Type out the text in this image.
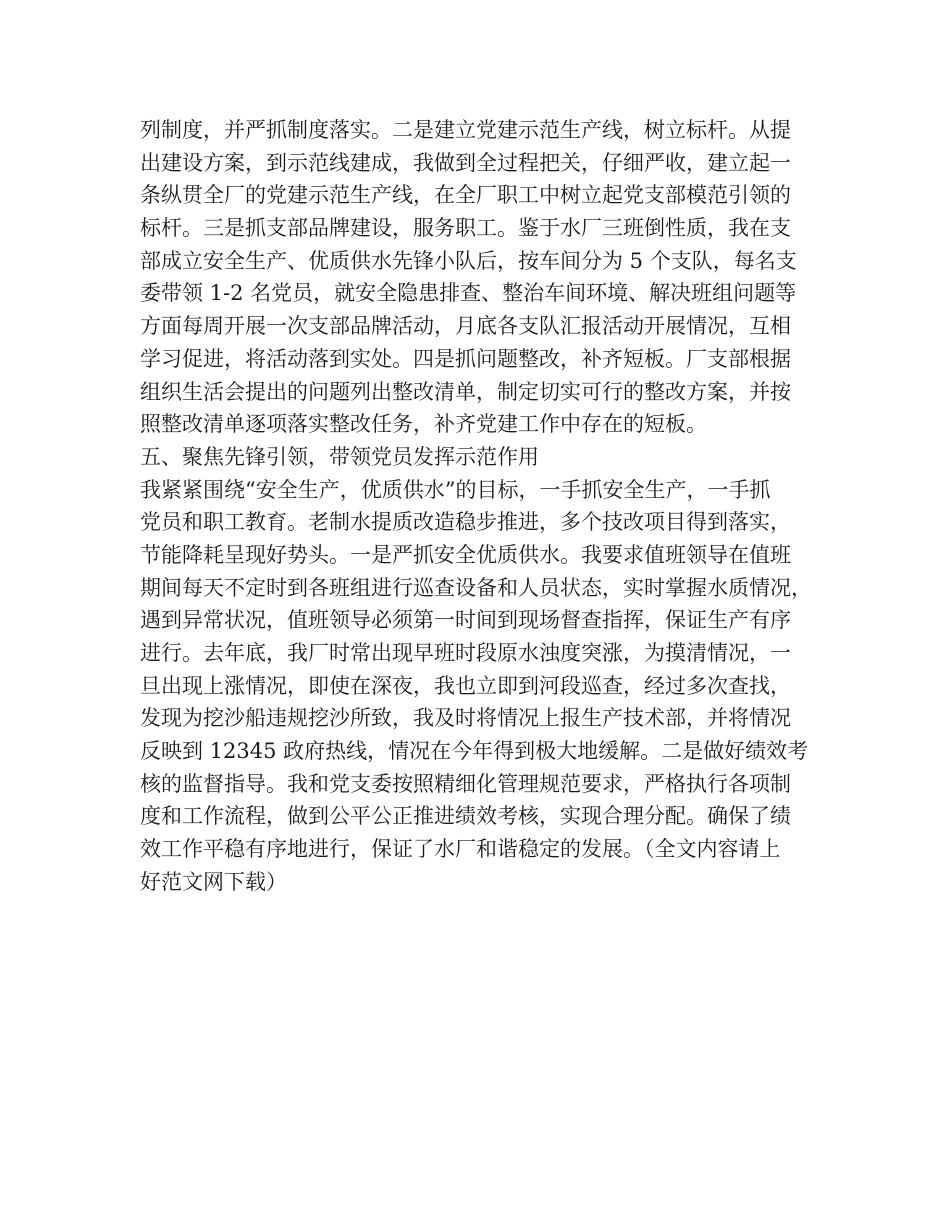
列制度，并严抓制度落实。二是建立党建示范生产线，树立标杆。从提
出建设方案，到示范线建成，我做到全过程把关，仔细严收，建立起一
条纵贯全厂的党建示范生产线，在全厂职工中树立起党支部模范引领的
标杆。三是抓支部品牌建设，服务职工。鉴于水厂三班倒性质，我在支
部成立安全生产、优质供水先锋小队后，按车间分为 5 个支队，每名支
委带领 1-2 名党员，就安全隐患排查、整治车间环境、解决班组问题等
方面每周开展一次支部品牌活动，月底各支队汇报活动开展情况，互相
学习促进，将活动落到实处。四是抓问题整改，补齐短板。厂支部根据
组织生活会提出的问题列出整改清单，制定切实可行的整改方案，并按
照整改清单逐项落实整改任务，补齐党建工作中存在的短板。
五、聚焦先锋引领，带领党员发挥示范作用
我紧紧围绕“安全生产，优质供水”的目标，一手抓安全生产，一手抓
党员和职工教育。老制水提质改造稳步推进，多个技改项目得到落实，
节能降耗呈现好势头。一是严抓安全优质供水。我要求值班领导在值班
期间每天不定时到各班组进行巡查设备和人员状态，实时掌握水质情况，
遇到异常状况，值班领导必须第一时间到现场督查指挥，保证生产有序
进行。去年底，我厂时常出现早班时段原水浊度突涨，为摸清情况，一
旦出现上涨情况，即使在深夜，我也立即到河段巡查，经过多次查找，
发现为挖沙船违规挖沙所致，我及时将情况上报生产技术部，并将情况
反映到 12345 政府热线，情况在今年得到极大地缓解。二是做好绩效考
核的监督指导。我和党支委按照精细化管理规范要求，严格执行各项制
度和工作流程，做到公平公正推进绩效考核，实现合理分配。确保了绩
效工作平稳有序地进行，保证了水厂和谐稳定的发展。（全文内容请上
好范文网下载）
